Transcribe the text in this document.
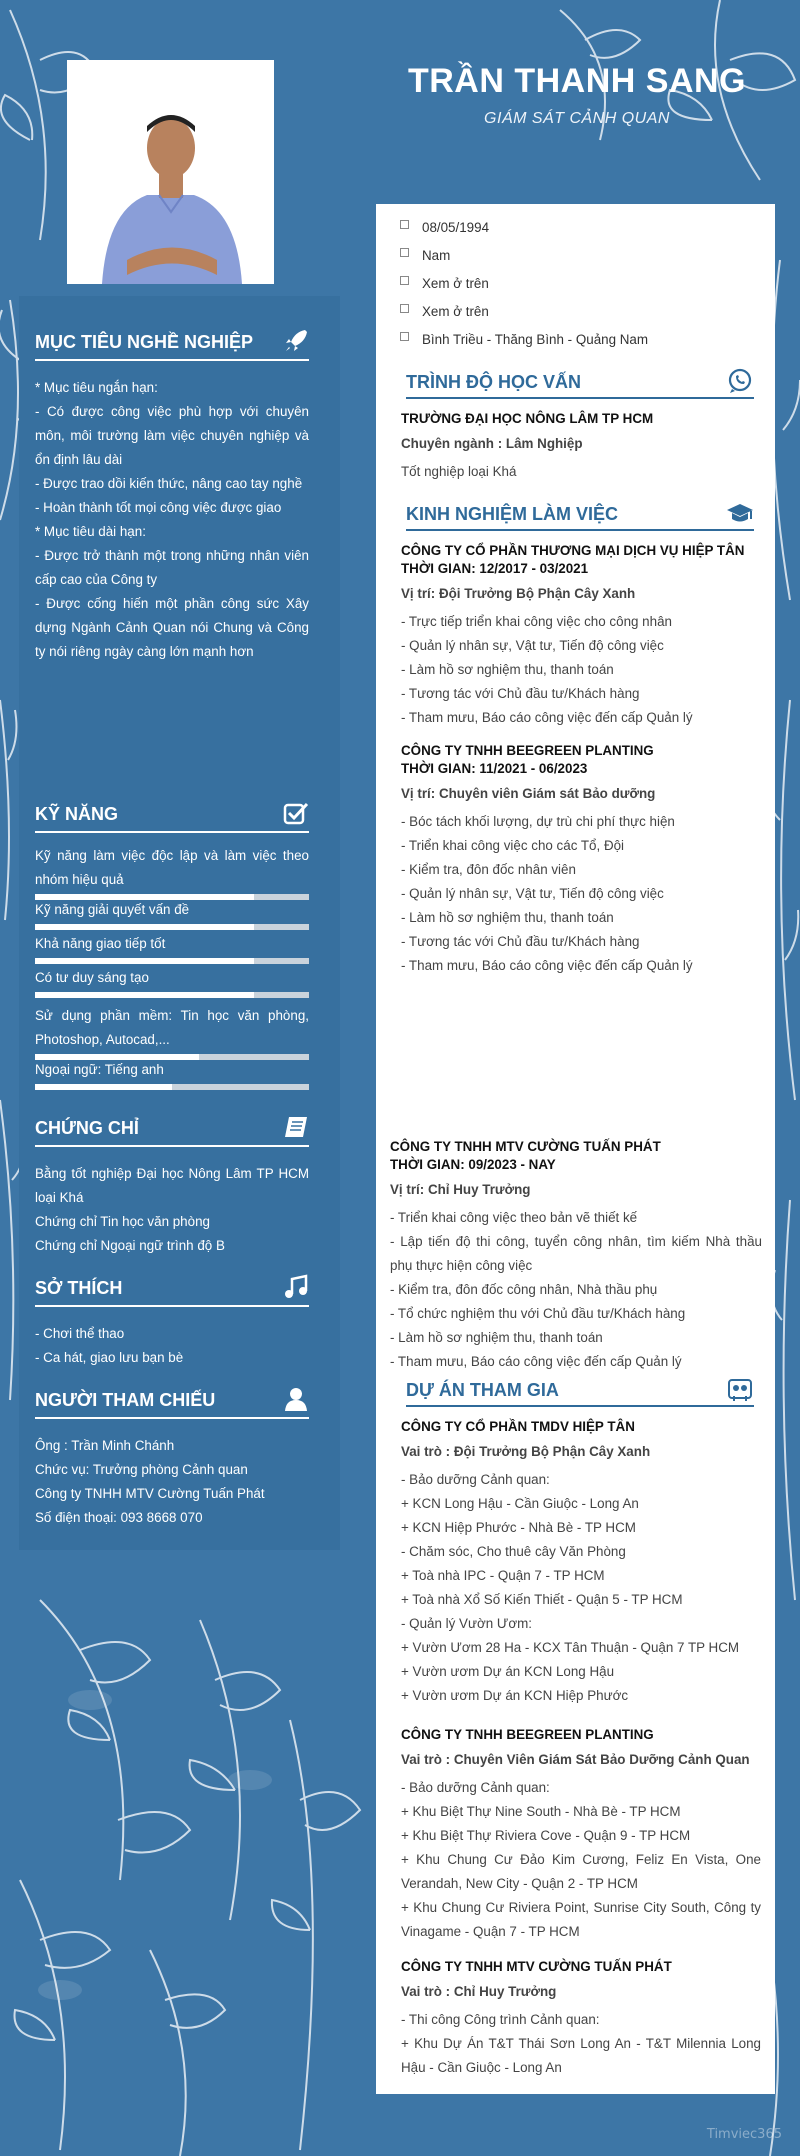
TRẦN THANH SANG
GIÁM SÁT CẢNH QUAN
MỤC TIÊU NGHỀ NGHIỆP
* Mục tiêu ngắn hạn:
- Có được công việc phù hợp với chuyên môn, môi trường làm việc chuyên nghiệp và ổn định lâu dài
- Được trao dồi kiến thức, nâng cao tay nghề
- Hoàn thành tốt mọi công việc được giao
* Mục tiêu dài hạn:
- Được trở thành một trong những nhân viên cấp cao của Công ty
- Được cống hiến một phần công sức Xây dựng Ngành Cảnh Quan nói Chung và Công ty nói riêng ngày càng lớn mạnh hơn
KỸ NĂNG
Kỹ năng làm việc độc lập và làm việc theo nhóm hiệu quả
Kỹ năng giải quyết vấn đề
Khả năng giao tiếp tốt
Có tư duy sáng tạo
Sử dụng phần mềm: Tin học văn phòng, Photoshop, Autocad,...
Ngoại ngữ: Tiếng anh
CHỨNG CHỈ
Bằng tốt nghiệp Đại học Nông Lâm TP HCM loại Khá
Chứng chỉ Tin học văn phòng
Chứng chỉ Ngoại ngữ trình độ B
SỞ THÍCH
- Chơi thể thao
- Ca hát, giao lưu bạn bè
NGƯỜI THAM CHIẾU
Ông : Trần Minh Chánh
Chức vụ: Trưởng phòng Cảnh quan
Công ty TNHH MTV Cường Tuấn Phát
Số điện thoại: 093 8668 070
08/05/1994
Nam
Xem ở trên
Xem ở trên
Bình Triều - Thăng Bình - Quảng Nam
TRÌNH ĐỘ HỌC VẤN
TRƯỜNG ĐẠI HỌC NÔNG LÂM TP HCM
Chuyên ngành : Lâm Nghiệp
Tốt nghiệp loại Khá
KINH NGHIỆM LÀM VIỆC
CÔNG TY CỔ PHẦN THƯƠNG MẠI DỊCH VỤ HIỆP TÂN
THỜI GIAN: 12/2017 - 03/2021
Vị trí: Đội Trưởng Bộ Phận Cây Xanh
- Trực tiếp triển khai công việc cho công nhân
- Quản lý nhân sự, Vật tư, Tiến độ công việc
- Làm hồ sơ nghiệm thu, thanh toán
- Tương tác với Chủ đầu tư/Khách hàng
- Tham mưu, Báo cáo công việc đến cấp Quản lý
CÔNG TY TNHH BEEGREEN PLANTING
THỜI GIAN: 11/2021 - 06/2023
Vị trí: Chuyên viên Giám sát Bảo dưỡng
- Bóc tách khối lượng, dự trù chi phí thực hiện
- Triển khai công việc cho các Tổ, Đội
- Kiểm tra, đôn đốc nhân viên
- Quản lý nhân sự, Vật tư, Tiến độ công việc
- Làm hồ sơ nghiệm thu, thanh toán
- Tương tác với Chủ đầu tư/Khách hàng
- Tham mưu, Báo cáo công việc đến cấp Quản lý
CÔNG TY TNHH MTV CƯỜNG TUẤN PHÁT
THỜI GIAN: 09/2023 - NAY
Vị trí: Chỉ Huy Trưởng
- Triển khai công việc theo bản vẽ thiết kế
- Lập tiến độ thi công, tuyển công nhân, tìm kiếm Nhà thầu phụ thực hiện công việc
- Kiểm tra, đôn đốc công nhân, Nhà thầu phụ
- Tổ chức nghiệm thu với Chủ đầu tư/Khách hàng
- Làm hồ sơ nghiệm thu, thanh toán
- Tham mưu, Báo cáo công việc đến cấp Quản lý
DỰ ÁN THAM GIA
CÔNG TY CỔ PHẦN TMDV HIỆP TÂN
Vai trò : Đội Trưởng Bộ Phận Cây Xanh
- Bảo dưỡng Cảnh quan:
+ KCN Long Hậu - Cần Giuộc - Long An
+ KCN Hiệp Phước - Nhà Bè - TP HCM
- Chăm sóc, Cho thuê cây Văn Phòng
+ Toà nhà IPC - Quận 7 - TP HCM
+ Toà nhà Xổ Số Kiến Thiết - Quận 5 - TP HCM
- Quản lý Vườn Ươm:
+ Vườn Ươm 28 Ha - KCX Tân Thuận - Quận 7 TP HCM
+ Vườn ươm Dự án KCN Long Hậu
+ Vườn ươm Dự án KCN Hiệp Phước
CÔNG TY TNHH BEEGREEN PLANTING
Vai trò : Chuyên Viên Giám Sát Bảo Dưỡng Cảnh Quan
- Bảo dưỡng Cảnh quan:
+ Khu Biệt Thự Nine South - Nhà Bè - TP HCM
+ Khu Biệt Thự Riviera Cove - Quận 9 - TP HCM
+ Khu Chung Cư Đảo Kim Cương, Feliz En Vista, One Verandah, New City - Quận 2 - TP HCM
+ Khu Chung Cư Riviera Point, Sunrise City South, Công ty Vinagame - Quận 7 - TP HCM
CÔNG TY TNHH MTV CƯỜNG TUẤN PHÁT
Vai trò : Chỉ Huy Trưởng
- Thi công Công trình Cảnh quan:
+ Khu Dự Án T&T Thái Sơn Long An - T&T Milennia Long Hậu - Cần Giuộc - Long An
Timviec365
